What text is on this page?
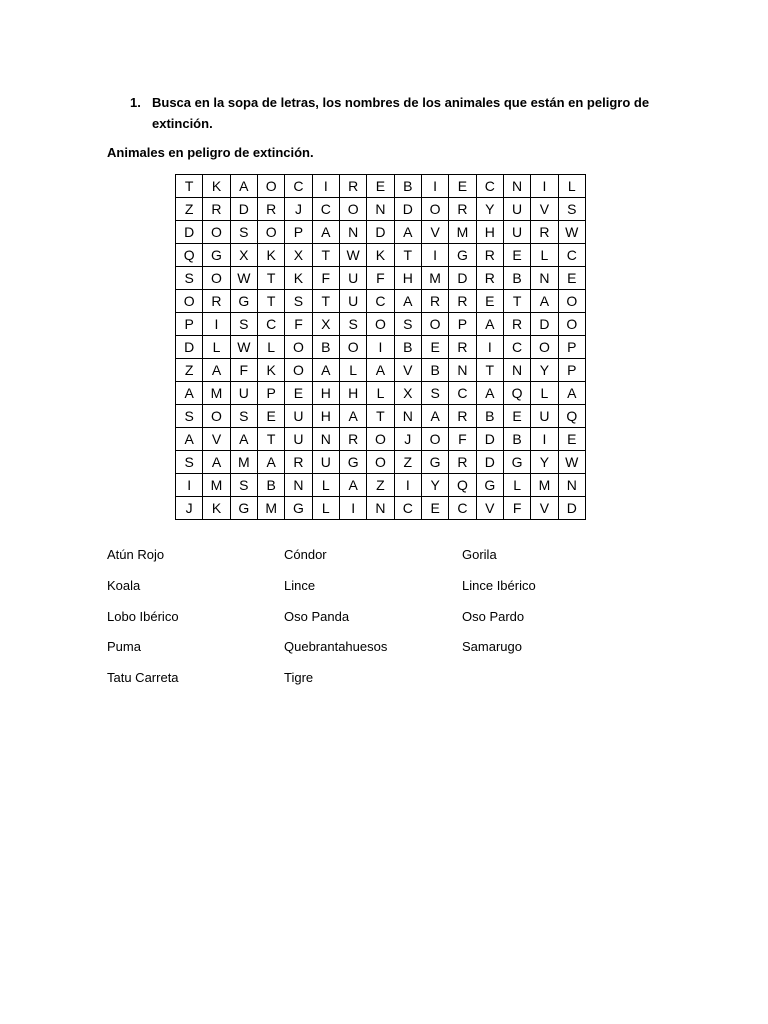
1. Busca en la sopa de letras, los nombres de los animales que están en peligro de extinción.
Animales en peligro de extinción.
T	K	A	O	C	I	R	E	B	I	E	C	N	I	L
Z	R	D	R	J	C	O	N	D	O	R	Y	U	V	S
D	O	S	O	P	A	N	D	A	V	M	H	U	R	W
Q	G	X	K	X	T	W	K	T	I	G	R	E	L	C
S	O	W	T	K	F	U	F	H	M	D	R	B	N	E
O	R	G	T	S	T	U	C	A	R	R	E	T	A	O
P	I	S	C	F	X	S	O	S	O	P	A	R	D	O
D	L	W	L	O	B	O	I	B	E	R	I	C	O	P
Z	A	F	K	O	A	L	A	V	B	N	T	N	Y	P
A	M	U	P	E	H	H	L	X	S	C	A	Q	L	A
S	O	S	E	U	H	A	T	N	A	R	B	E	U	Q
A	V	A	T	U	N	R	O	J	O	F	D	B	I	E
S	A	M	A	R	U	G	O	Z	G	R	D	G	Y	W
I	M	S	B	N	L	A	Z	I	Y	Q	G	L	M	N
J	K	G	M	G	L	I	N	C	E	C	V	F	V	D
Atún Rojo	Cóndor	Gorila
Koala	Lince	Lince Ibérico
Lobo Ibérico	Oso Panda	Oso Pardo
Puma	Quebrantahuesos	Samarugo
Tatu Carreta	Tigre
